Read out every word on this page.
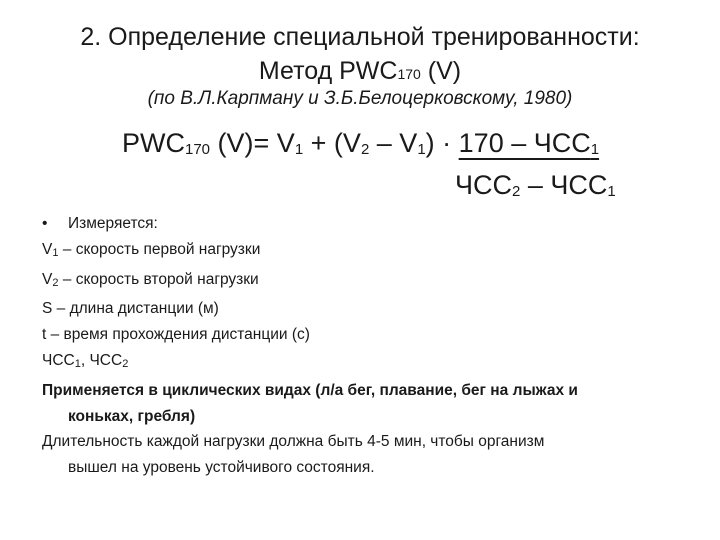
2. Определение специальной тренированности:
Метод PWC170 (V)
(по В.Л.Карпману и З.Б.Белоцерковскому, 1980)
PWC170 (V)= V1 + (V2 – V1) · 170 – ЧСС1
ЧСС2 – ЧСС1
• Измеряется:
V1 – скорость первой нагрузки
V2 – скорость второй нагрузки
S – длина дистанции (м)
t – время прохождения дистанции (с)
ЧСС1, ЧСС2
Применяется в циклических видах (л/а бег, плавание, бег на лыжах и
коньках, гребля)
Длительность каждой нагрузки должна быть 4-5 мин, чтобы организм
вышел на уровень устойчивого состояния.
